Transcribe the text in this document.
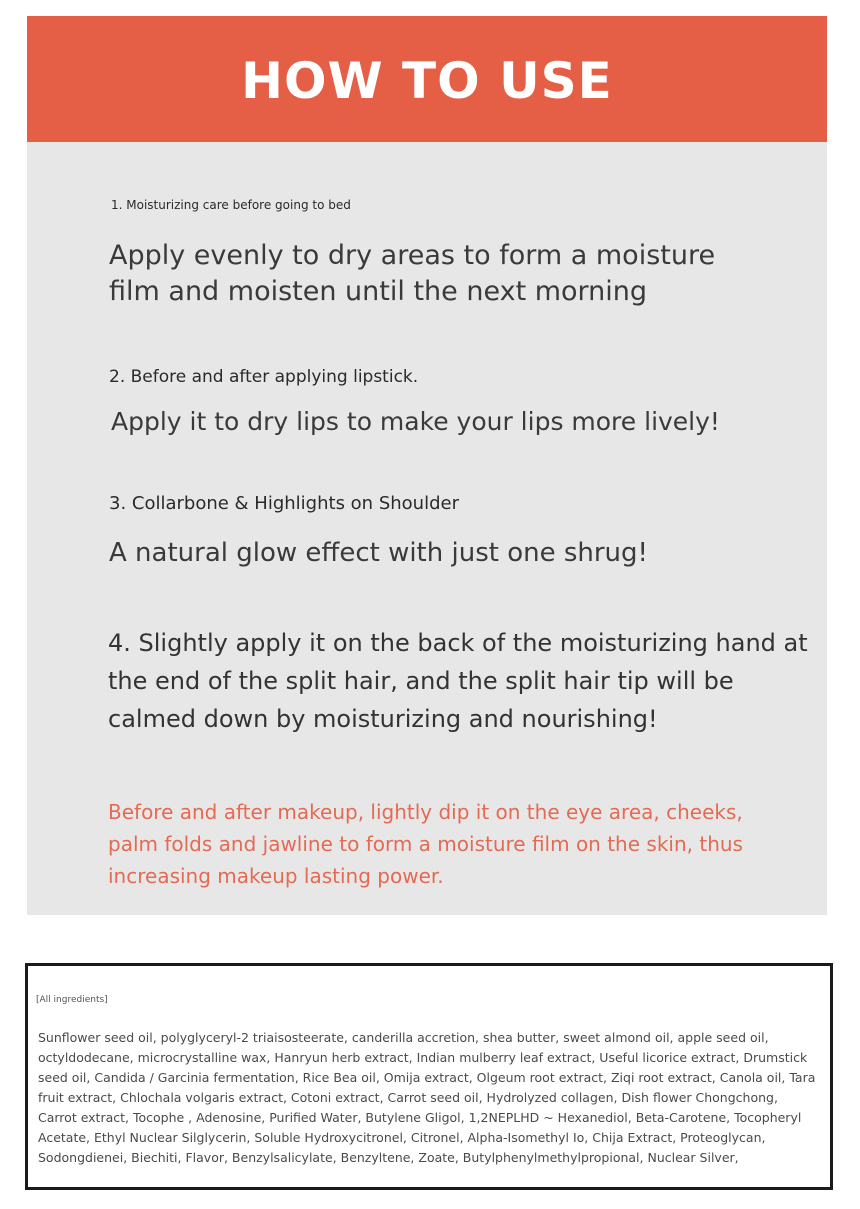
HOW TO USE

1. Moisturizing care before going to bed

Apply evenly to dry areas to form a moisture film and moisten until the next morning

2. Before and after applying lipstick.

Apply it to dry lips to make your lips more lively!

3. Collarbone & Highlights on Shoulder

A natural glow effect with just one shrug!

4. Slightly apply it on the back of the moisturizing hand at the end of the split hair, and the split hair tip will be calmed down by moisturizing and nourishing!

Before and after makeup, lightly dip it on the eye area, cheeks, palm folds and jawline to form a moisture film on the skin, thus increasing makeup lasting power.

[All ingredients]
Sunflower seed oil, polyglyceryl-2 triaisosteerate, canderilla accretion, shea butter, sweet almond oil, apple seed oil, octyldodecane, microcrystalline wax, Hanryun herb extract, Indian mulberry leaf extract, Useful licorice extract, Drumstick seed oil, Candida / Garcinia fermentation, Rice Bea oil, Omija extract, Olgeum root extract, Ziqi root extract, Canola oil, Tara fruit extract, Chlochala volgaris extract, Cotoni extract, Carrot seed oil, Hydrolyzed collagen, Dish flower Chongchong, Carrot extract, Tocophe , Adenosine, Purified Water, Butylene Gligol, 1,2NEPLHD ~ Hexanediol, Beta-Carotene, Tocopheryl Acetate, Ethyl Nuclear Silglycerin, Soluble Hydroxycitronel, Citronel, Alpha-Isomethyl Io, Chija Extract, Proteoglycan, Sodongdienei, Biechiti, Flavor, Benzylsalicylate, Benzyltene, Zoate, Butylphenylmethylpropional, Nuclear Silver,
